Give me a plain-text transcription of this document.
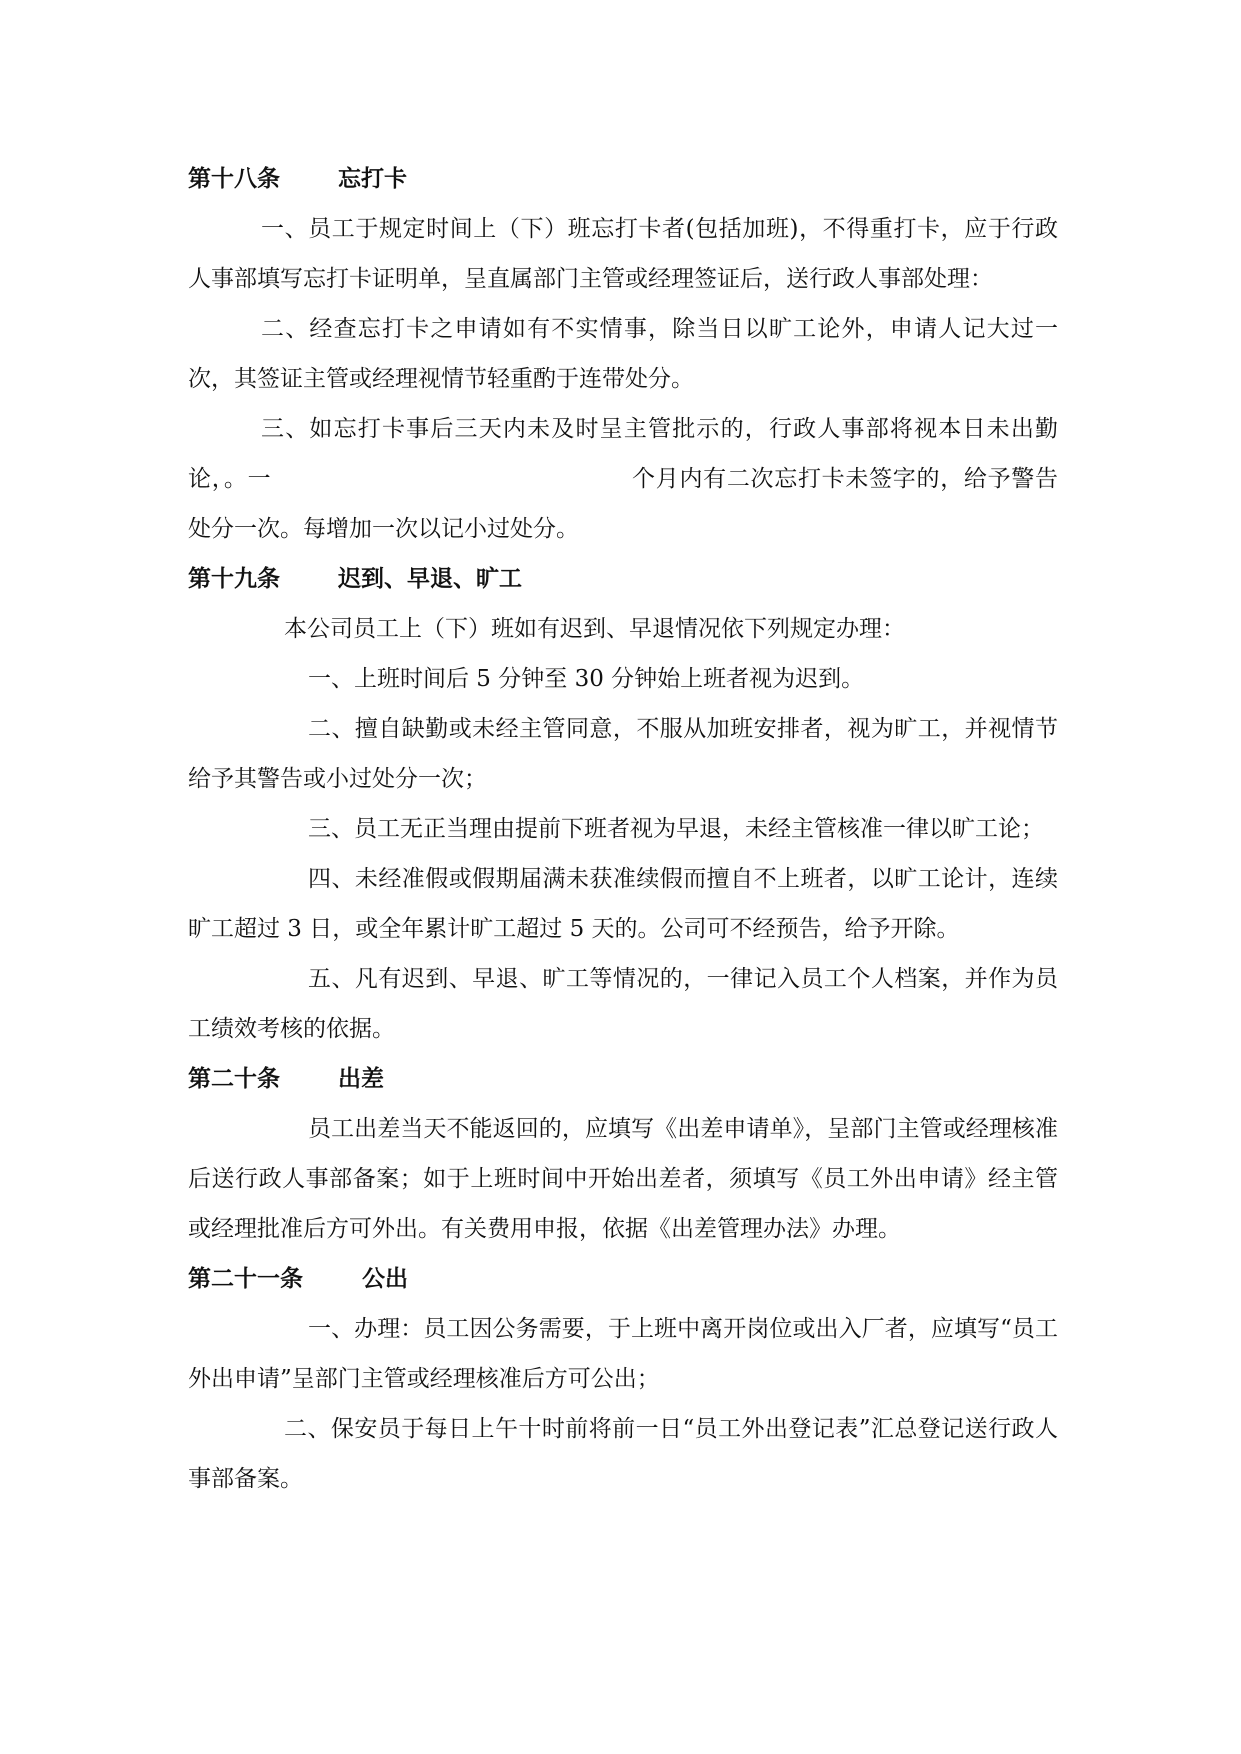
第十八条	忘打卡

一、员工于规定时间上（下）班忘打卡者(包括加班)，不得重打卡，应于行政人事部填写忘打卡证明单，呈直属部门主管或经理签证后，送行政人事部处理：

二、经查忘打卡之申请如有不实情事，除当日以旷工论外，申请人记大过一次，其签证主管或经理视情节轻重酌于连带处分。

三、如忘打卡事后三天内未及时呈主管批示的，行政人事部将视本日未出勤论，。一	个月内有二次忘打卡未签字的，给予警告处分一次。每增加一次以记小过处分。

第十九条	迟到、早退、旷工

本公司员工上（下）班如有迟到、早退情况依下列规定办理：

一、上班时间后 5 分钟至 30 分钟始上班者视为迟到。

二、擅自缺勤或未经主管同意，不服从加班安排者，视为旷工，并视情节给予其警告或小过处分一次；

三、员工无正当理由提前下班者视为早退，未经主管核准一律以旷工论；

四、未经准假或假期届满未获准续假而擅自不上班者，以旷工论计，连续旷工超过 3 日，或全年累计旷工超过 5 天的。公司可不经预告，给予开除。

五、凡有迟到、早退、旷工等情况的，一律记入员工个人档案，并作为员工绩效考核的依据。

第二十条	出差

员工出差当天不能返回的，应填写《出差申请单》，呈部门主管或经理核准后送行政人事部备案；如于上班时间中开始出差者，须填写《员工外出申请》经主管或经理批准后方可外出。有关费用申报，依据《出差管理办法》办理。

第二十一条	公出

一、办理：员工因公务需要，于上班中离开岗位或出入厂者，应填写“员工外出申请”呈部门主管或经理核准后方可公出；

二、保安员于每日上午十时前将前一日“员工外出登记表”汇总登记送行政人事部备案。
